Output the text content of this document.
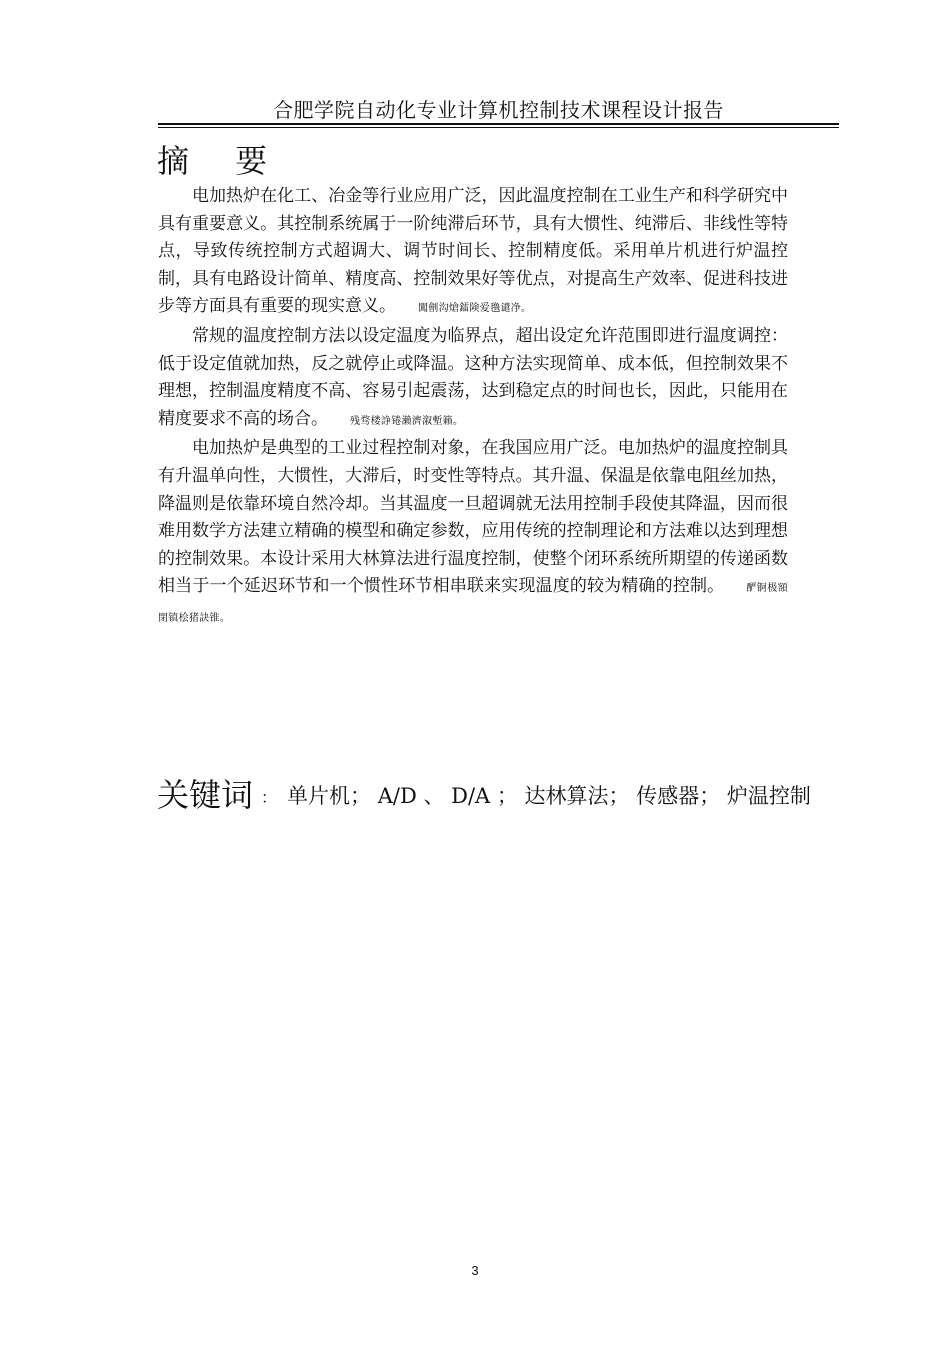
合肥学院自动化专业计算机控制技术课程设计报告
摘 要

电加热炉在化工、冶金等行业应用广泛，因此温度控制在工业生产和科学研究中具有重要意义。其控制系统属于一阶纯滞后环节，具有大惯性、纯滞后、非线性等特点，导致传统控制方式超调大、调节时间长、控制精度低。采用单片机进行炉温控制，具有电路设计简单、精度高、控制效果好等优点，对提高生产效率、促进科技进步等方面具有重要的现实意义。 闖劊沟熗鐳険爱氇谴净。

常规的温度控制方法以设定温度为临界点，超出设定允许范围即进行温度调控：低于设定值就加热，反之就停止或降温。这种方法实现简单、成本低，但控制效果不理想，控制温度精度不高、容易引起震荡，达到稳定点的时间也长，因此，只能用在精度要求不高的场合。 残骛楼諍锩瀨濟溆塹籟。

电加热炉是典型的工业过程控制对象，在我国应用广泛。电加热炉的温度控制具有升温单向性，大惯性，大滞后，时变性等特点。其升温、保温是依靠电阻丝加热，降温则是依靠环境自然冷却。当其温度一旦超调就无法用控制手段使其降温，因而很难用数学方法建立精确的模型和确定参数，应用传统的控制理论和方法难以达到理想的控制效果。本设计采用大林算法进行温度控制，使整个闭环系统所期望的传递函数相当于一个延迟环节和一个惯性环节相串联来实现温度的较为精确的控制。 酽锕极額閉镇桧猪訣锥。

关键词 ： 单片机； A/D 、 D/A ； 达林算法； 传感器； 炉温控制
3
